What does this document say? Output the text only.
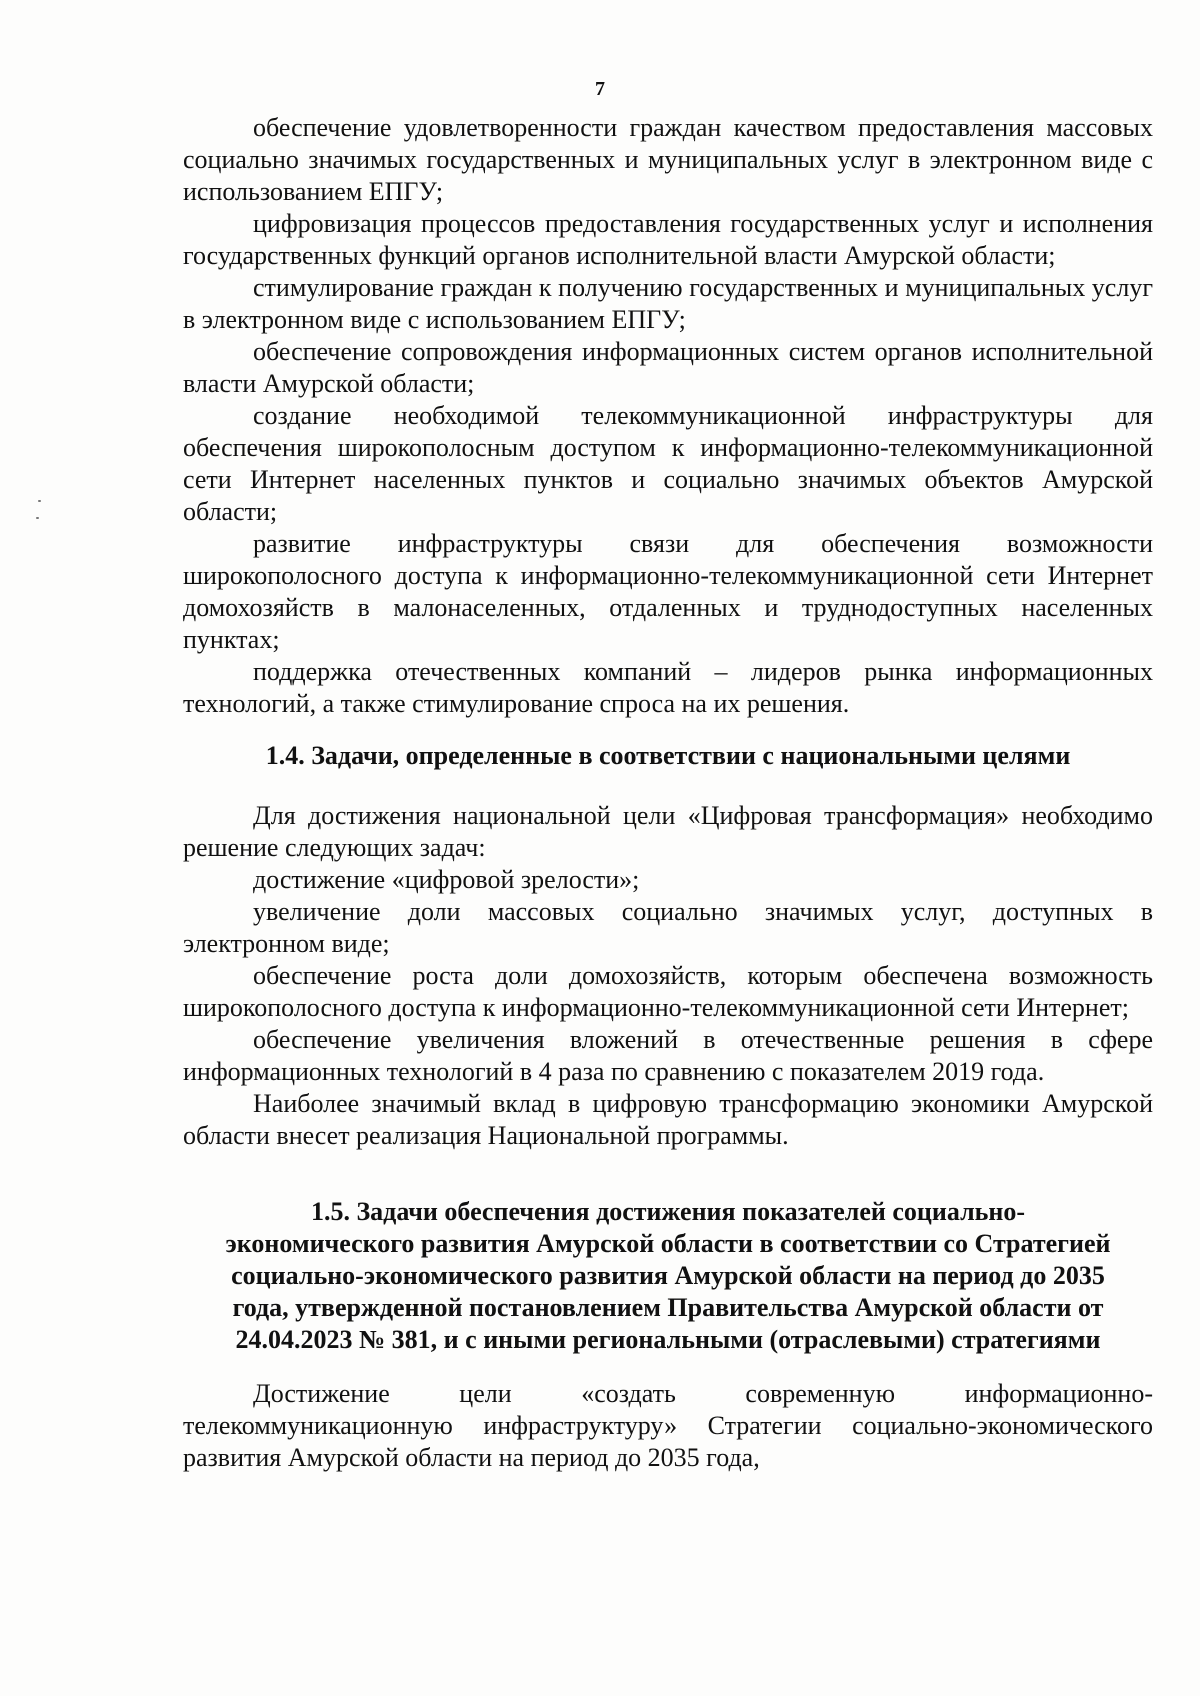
7

обеспечение удовлетворенности граждан качеством предоставления массовых социально значимых государственных и муниципальных услуг в электронном виде с использованием ЕПГУ;

цифровизация процессов предоставления государственных услуг и исполнения государственных функций органов исполнительной власти Амурской области;

стимулирование граждан к получению государственных и муниципальных услуг в электронном виде с использованием ЕПГУ;

обеспечение сопровождения информационных систем органов исполнительной власти Амурской области;

создание необходимой телекоммуникационной инфраструктуры для обеспечения широкополосным доступом к информационно-телекоммуникационной сети Интернет населенных пунктов и социально значимых объектов Амурской области;

развитие инфраструктуры связи для обеспечения возможности широкополосного доступа к информационно-телекоммуникационной сети Интернет домохозяйств в малонаселенных, отдаленных и труднодоступных населенных пунктах;

поддержка отечественных компаний – лидеров рынка информационных технологий, а также стимулирование спроса на их решения.

1.4. Задачи, определенные в соответствии с национальными целями

Для достижения национальной цели «Цифровая трансформация» необходимо решение следующих задач:

достижение «цифровой зрелости»;

увеличение доли массовых социально значимых услуг, доступных в электронном виде;

обеспечение роста доли домохозяйств, которым обеспечена возможность широкополосного доступа к информационно-телекоммуникационной сети Интернет;

обеспечение увеличения вложений в отечественные решения в сфере информационных технологий в 4 раза по сравнению с показателем 2019 года.

Наиболее значимый вклад в цифровую трансформацию экономики Амурской области внесет реализация Национальной программы.

1.5. Задачи обеспечения достижения показателей социально-

экономического развития Амурской области в соответствии со Стратегией

социально-экономического развития Амурской области на период до 2035

года, утвержденной постановлением Правительства Амурской области от

24.04.2023 № 381, и с иными региональными (отраслевыми) стратегиями

Достижение цели «создать современную информационно-телекоммуникационную инфраструктуру» Стратегии социально-экономического развития Амурской области на период до 2035 года,
